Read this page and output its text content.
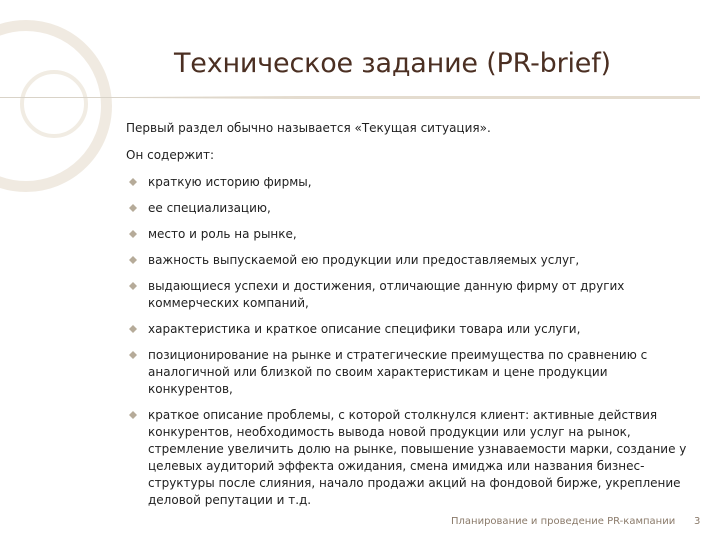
Техническое задание (PR-brief)

Первый раздел обычно называется «Текущая ситуация».

Он содержит:

краткую историю фирмы,
ее специализацию,
место и роль на рынке,
важность выпускаемой ею продукции или предоставляемых услуг,
выдающиеся успехи и достижения, отличающие данную фирму от других коммерческих компаний,
характеристика и краткое описание специфики товара или услуги,
позиционирование на рынке и стратегические преимущества по сравнению с аналогичной или близкой по своим характеристикам и цене продукции конкурентов,
краткое описание проблемы, с которой столкнулся клиент: активные действия конкурентов, необходимость вывода новой продукции или услуг на рынок, стремление увеличить долю на рынке, повышение узнаваемости марки, создание у целевых аудиторий эффекта ожидания, смена имиджа или названия бизнес-структуры после слияния, начало продажи акций на фондовой бирже, укрепление деловой репутации и т.д.
Планирование и проведение PR-кампании 3
